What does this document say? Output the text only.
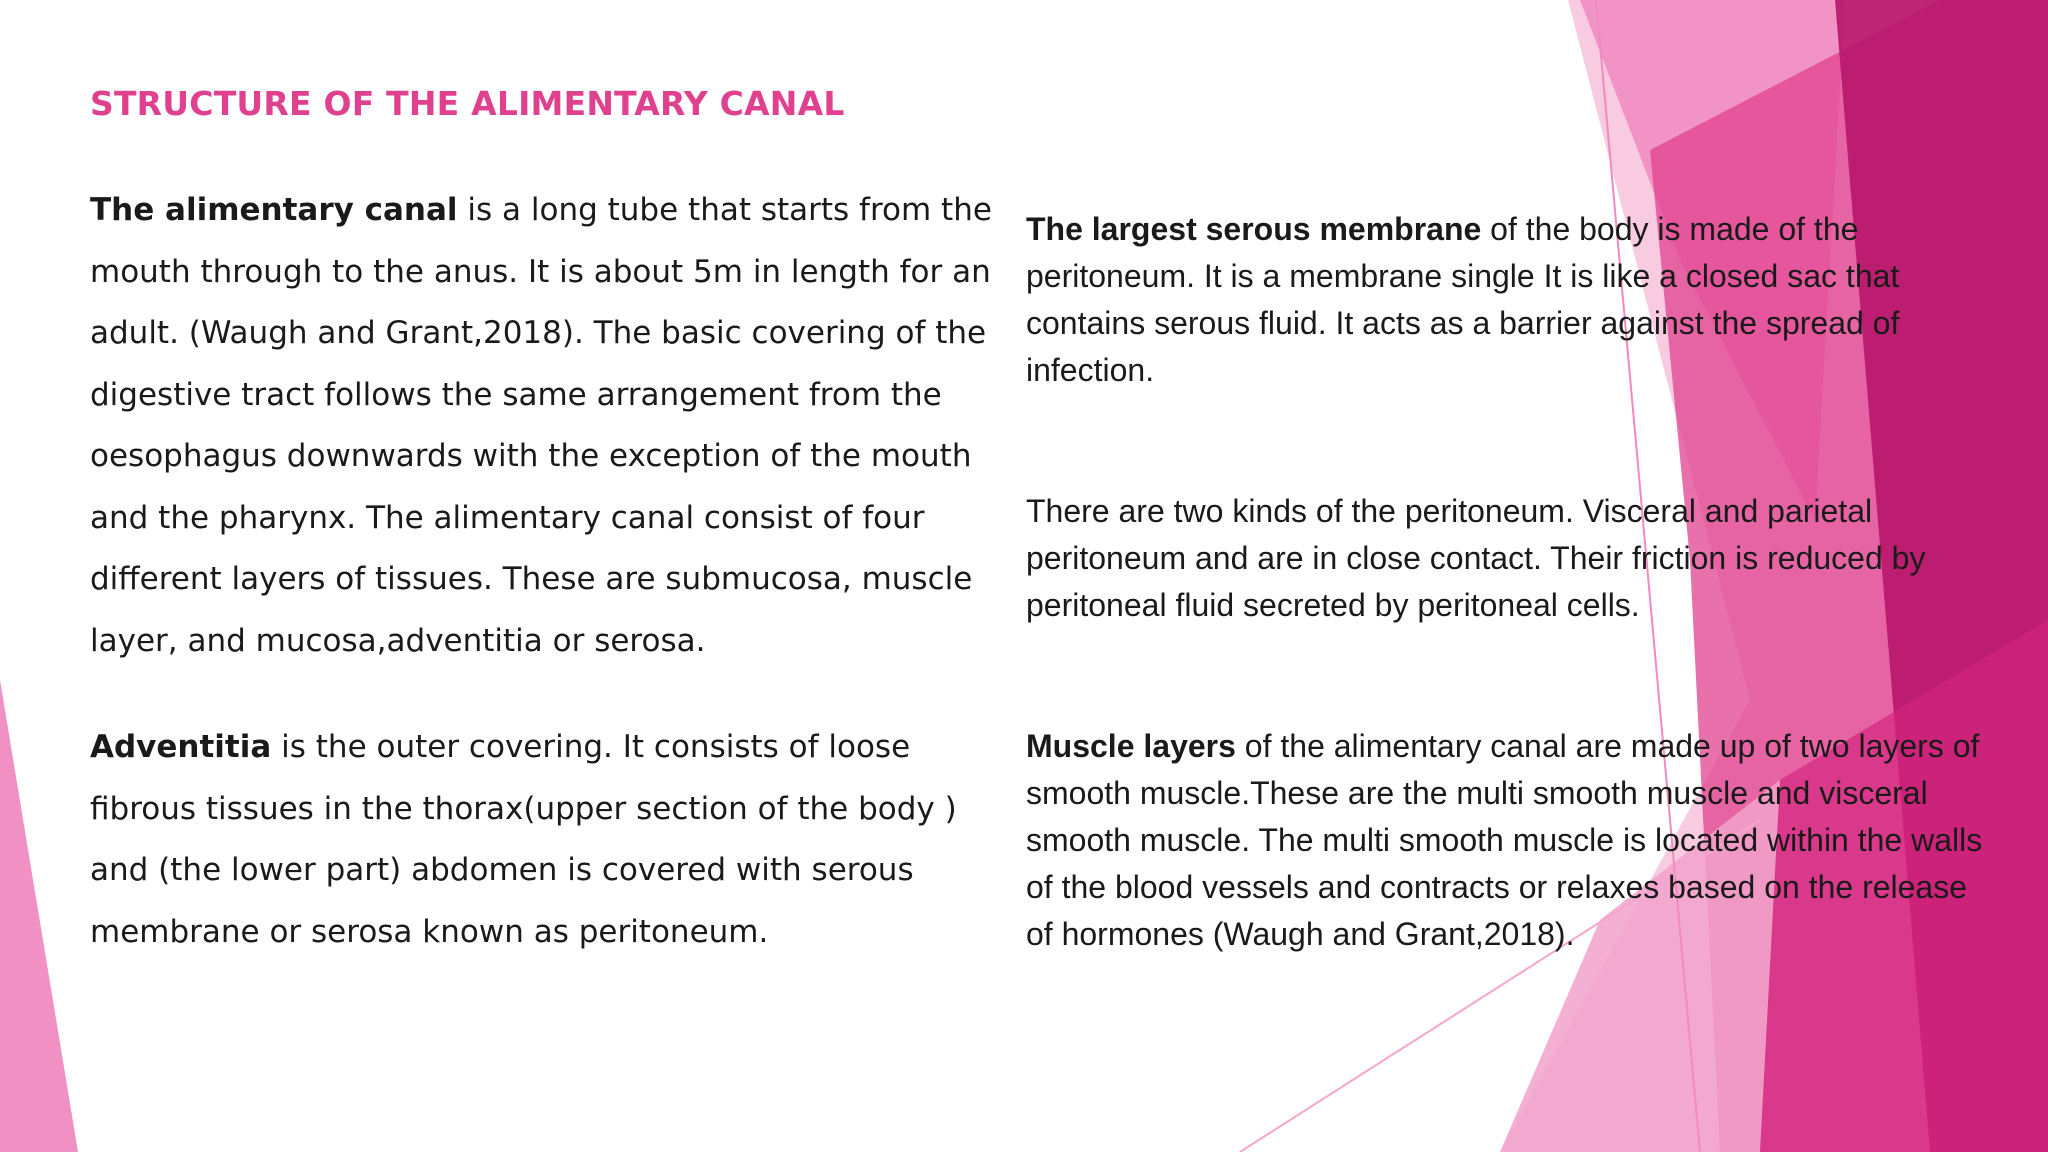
STRUCTURE OF THE ALIMENTARY CANAL

The alimentary canal is a long tube that starts from the mouth through to the anus. It is about 5m in length for an adult. (Waugh and Grant,2018). The basic covering of the digestive tract follows the same arrangement from the oesophagus downwards with the exception of the mouth and the pharynx. The alimentary canal consist of four different layers of tissues. These are submucosa, muscle layer, and mucosa,adventitia or serosa.

Adventitia is the outer covering. It consists of loose fibrous tissues in the thorax(upper section of the body ) and (the lower part) abdomen is covered with serous membrane or serosa known as peritoneum.

The largest serous membrane of the body is made of the peritoneum. It is a membrane single It is like a closed sac that contains serous fluid. It acts as a barrier against the spread of infection.

There are two kinds of the peritoneum. Visceral and parietal peritoneum and are in close contact. Their friction is reduced by peritoneal fluid secreted by peritoneal cells.

Muscle layers of the alimentary canal are made up of two layers of smooth muscle.These are the multi smooth muscle and visceral smooth muscle. The multi smooth muscle is located within the walls of the blood vessels and contracts or relaxes based on the release of hormones (Waugh and Grant,2018).
